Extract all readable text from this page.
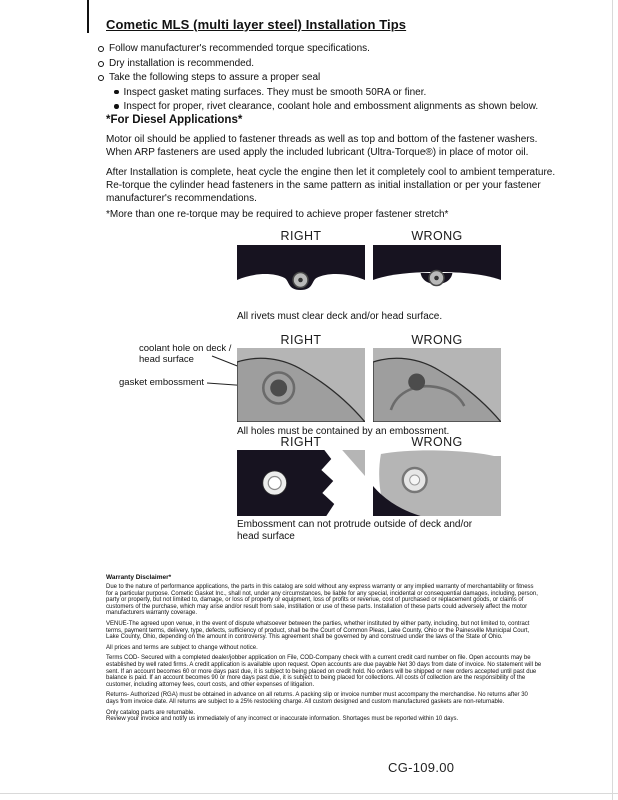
Cometic MLS (multi layer steel) Installation Tips
Follow manufacturer's recommended torque specifications.
Dry installation is recommended.
Take the following steps to assure a proper seal
Inspect gasket mating surfaces. They must be smooth 50RA or finer.
Inspect for proper, rivet clearance, coolant hole and embossment alignments as shown below.
*For Diesel Applications*

Motor oil should be applied to fastener threads as well as top and bottom of the fastener washers. When ARP fasteners are used apply the included lubricant (Ultra-Torque®) in place of motor oil.

After Installation is complete, heat cycle the engine then let it completely cool to ambient temperature. Re-torque the cylinder head fasteners in the same pattern as initial installation or per your fastener manufacturer's recommendations.

*More than one re-torque may be required to achieve proper fastener stretch*

RIGHT	WRONG
All rivets must clear deck and/or head surface.
RIGHT	WRONG
coolant hole on deck / head surface
gasket embossment
All holes must be contained by an embossment.
RIGHT	WRONG
Embossment can not protrude outside of deck and/or head surface
Warranty Disclaimer*

Due to the nature of performance applications, the parts in this catalog are sold without any express warranty or any implied warranty of merchantability or fitness for a particular purpose. Cometic Gasket Inc., shall not, under any circumstances, be liable for any special, incidental or consequential damages, including, person, party or property, but not limited to, damage, or loss of property or equipment, loss of profits or revenue, cost of purchased or replacement goods, or claims of customers of the purchase, which may arise and/or result from sale, instillation or use of these parts. Installation of these parts could adversely affect the motor manufacturers warranty coverage.

VENUE-The agreed upon venue, in the event of dispute whatsoever between the parties, whether instituted by either party, including, but not limited to, contract terms, payment terms, delivery, type, defects, sufficiency of product, shall be the Court of Common Pleas, Lake County, Ohio or the Painesville Municipal Court, Lake County, Ohio, depending on the amount in controversy. This agreement shall be governed by and construed under the laws of the State of Ohio.

All prices and terms are subject to change without notice.

Terms COD- Secured with a completed dealer/jobber application on File, COD-Company check with a current credit card number on file. Open accounts may be established by well rated firms. A credit application is available upon request. Open accounts are due payable Net 30 days from date of invoice. No statement will be sent. If an account becomes 60 or more days past due, it is subject to being placed on credit hold. No orders will be shipped or new orders accepted until past due balance is paid. If an account becomes 90 or more days past due, it is subject to being placed for collections. All costs of collection are the responsibility of the customer, including attorney fees, court costs, and other expenses of litigation.

Returns- Authorized (RGA) must be obtained in advance on all returns. A packing slip or invoice number must accompany the merchandise. No returns after 30 days from invoice date. All returns are subject to a 25% restocking charge. All custom designed and custom manufactured gaskets are non-returnable.

Only catalog parts are returnable.

Review your invoice and notify us immediately of any incorrect or inaccurate information. Shortages must be reported within 10 days.

CG-109.00
